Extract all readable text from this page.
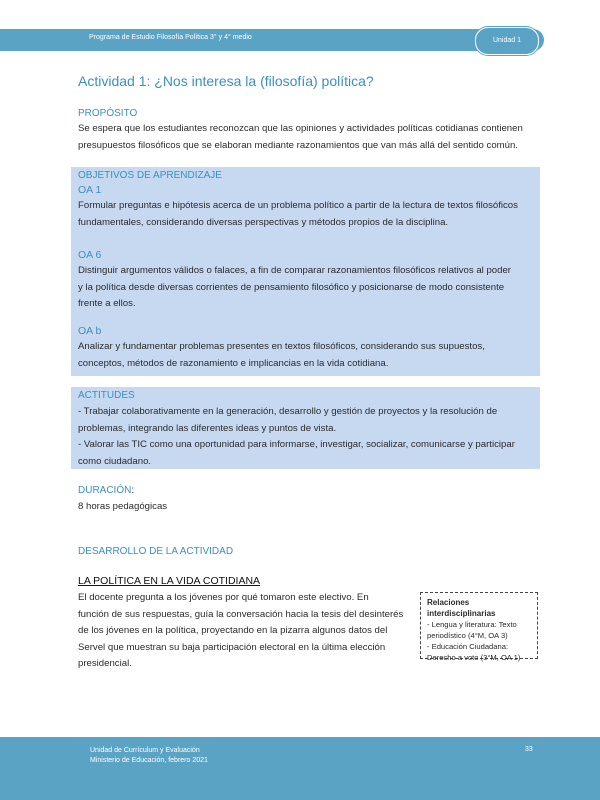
Programa de Estudio Filosofía Política 3° y 4° medio	Unidad 1
Actividad 1: ¿Nos interesa la (filosofía) política?
PROPÓSITO
Se espera que los estudiantes reconozcan que las opiniones y actividades políticas cotidianas contienen
presupuestos filosóficos que se elaboran mediante razonamientos que van más allá del sentido común.
OBJETIVOS DE APRENDIZAJE
OA 1
Formular preguntas e hipótesis acerca de un problema político a partir de la lectura de textos filosóficos
fundamentales, considerando diversas perspectivas y métodos propios de la disciplina.
OA 6
Distinguir argumentos válidos o falaces, a fin de comparar razonamientos filosóficos relativos al poder
y la política desde diversas corrientes de pensamiento filosófico y posicionarse de modo consistente
frente a ellos.
OA b
Analizar y fundamentar problemas presentes en textos filosóficos, considerando sus supuestos,
conceptos, métodos de razonamiento e implicancias en la vida cotidiana.
ACTITUDES
- Trabajar colaborativamente en la generación, desarrollo y gestión de proyectos y la resolución de
problemas, integrando las diferentes ideas y puntos de vista.
- Valorar las TIC como una oportunidad para informarse, investigar, socializar, comunicarse y participar
como ciudadano.
DURACIÓN:
8 horas pedagógicas
DESARROLLO DE LA ACTIVIDAD
LA POLÍTICA EN LA VIDA COTIDIANA
El docente pregunta a los jóvenes por qué tomaron este electivo. En
función de sus respuestas, guía la conversación hacia la tesis del desinterés
de los jóvenes en la política, proyectando en la pizarra algunos datos del
Servel que muestran su baja participación electoral en la última elección
presidencial.
Relaciones interdisciplinarias
- Lengua y literatura: Texto
periodístico (4°M, OA 3)
- Educación Ciudadana:
Derecho a voto (3°M, OA 1)
Unidad de Currículum y Evaluación
Ministerio de Educación, febrero 2021
33
